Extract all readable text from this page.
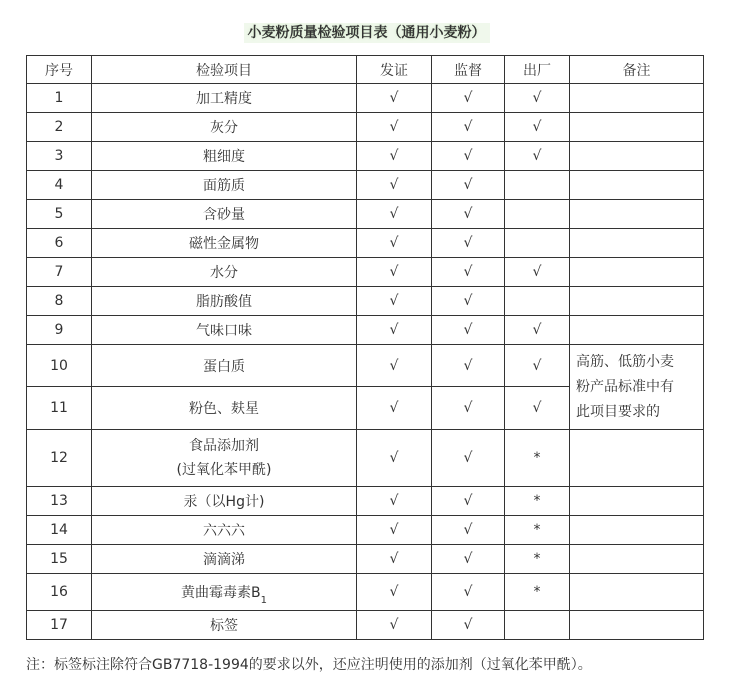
小麦粉质量检验项目表（通用小麦粉）
序号	检验项目	发证	监督	出厂	备注
1	加工精度	√	√	√	
2	灰分	√	√	√	
3	粗细度	√	√	√	
4	面筋质	√	√		
5	含砂量	√	√		
6	磁性金属物	√	√		
7	水分	√	√	√	
8	脂肪酸值	√	√		
9	气味口味	√	√	√	
10	蛋白质	√	√	√	高筋、低筋小麦
粉产品标准中有
此项目要求的

11	粉色、麸星	√	√	√	
12	食品添加剂
(过氧化苯甲酰)	√	√	*	
13	汞（以Hg计)	√	√	*	
14	六六六	√	√	*	
15	滴滴涕	√	√	*	
16	黄曲霉毒素$B_1$	√	√	*	
17	标签	√	√		
注：标签标注除符合GB7718-1994的要求以外，还应注明使用的添加剂（过氧化苯甲酰）。
